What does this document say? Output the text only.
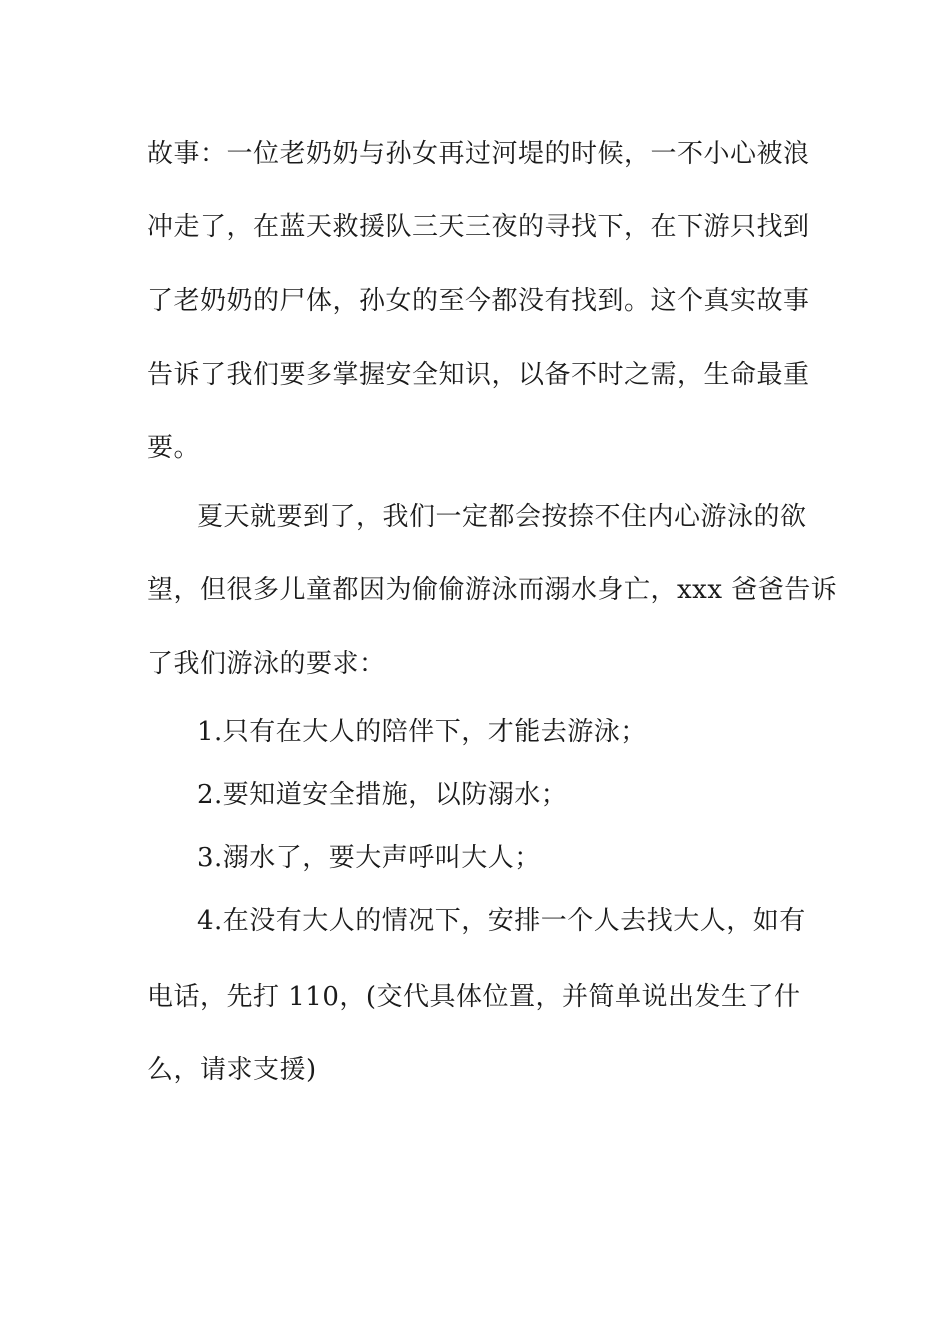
故事：一位老奶奶与孙女再过河堤的时候，一不小心被浪
冲走了，在蓝天救援队三天三夜的寻找下，在下游只找到
了老奶奶的尸体，孙女的至今都没有找到。这个真实故事
告诉了我们要多掌握安全知识，以备不时之需，生命最重
要。
夏天就要到了，我们一定都会按捺不住内心游泳的欲
望，但很多儿童都因为偷偷游泳而溺水身亡，xxx 爸爸告诉
了我们游泳的要求：
1.只有在大人的陪伴下，才能去游泳；
2.要知道安全措施，以防溺水；
3.溺水了，要大声呼叫大人；
4.在没有大人的情况下，安排一个人去找大人，如有
电话，先打 110，(交代具体位置，并简单说出发生了什
么，请求支援)
